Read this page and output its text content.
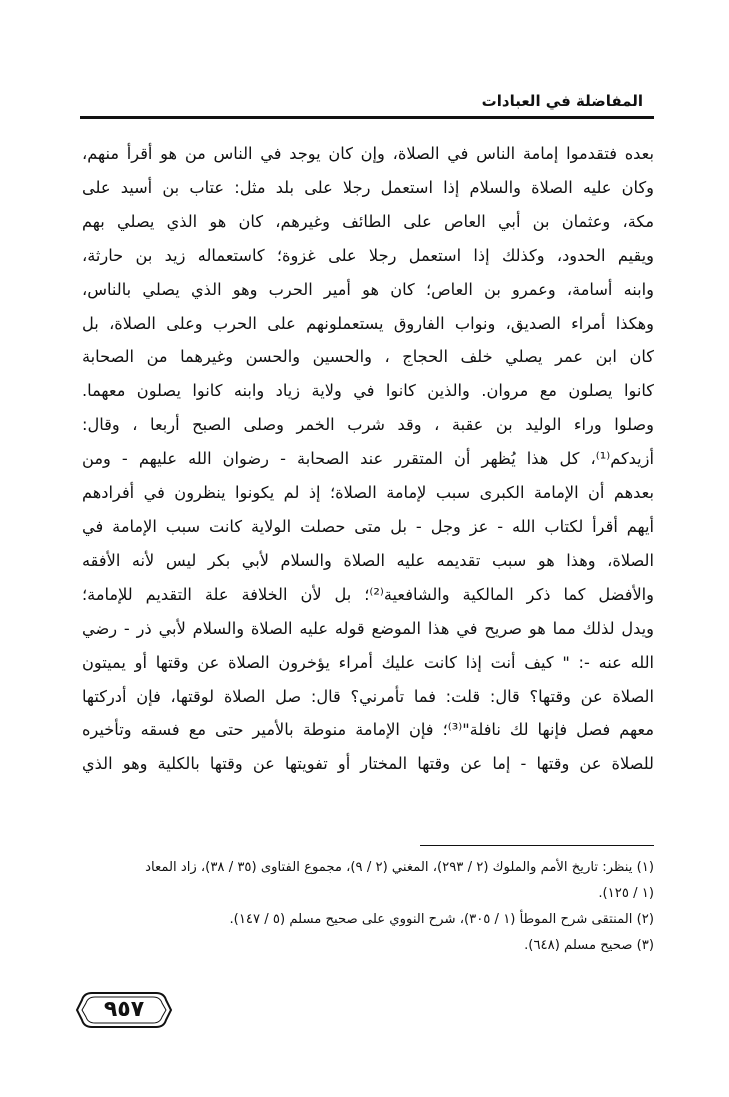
المفاضلة في العبادات

بعده فتقدموا إمامة الناس في الصلاة، وإن كان يوجد في الناس من هو أقرأ منهم،

وكان عليه الصلاة والسلام إذا استعمل رجلا على بلد مثل: عتاب بن أسيد على

مكة، وعثمان بن أبي العاص على الطائف وغيرهم، كان هو الذي يصلي بهم

ويقيم الحدود، وكذلك إذا استعمل رجلا على غزوة؛ كاستعماله زيد بن حارثة،

وابنه أسامة، وعمرو بن العاص؛ كان هو أمير الحرب وهو الذي يصلي بالناس،

وهكذا أمراء الصديق، ونواب الفاروق يستعملونهم على الحرب وعلى الصلاة، بل

كان ابن عمر يصلي خلف الحجاج ، والحسين والحسن وغيرهما من الصحابة

كانوا يصلون مع مروان. والذين كانوا في ولاية زياد وابنه كانوا يصلون معهما.

وصلوا وراء الوليد بن عقبة ، وقد شرب الخمر وصلى الصبح أربعا ، وقال:

أزيدكم⁽¹⁾، كل هذا يُظهر أن المتقرر عند الصحابة - رضوان الله عليهم - ومن

بعدهم أن الإمامة الكبرى سبب لإمامة الصلاة؛ إذ لم يكونوا ينظرون في أفرادهم

أيهم أقرأ لكتاب الله - عز وجل - بل متى حصلت الولاية كانت سبب الإمامة في

الصلاة، وهذا هو سبب تقديمه عليه الصلاة والسلام لأبي بكر ليس لأنه الأفقه

والأفضل كما ذكر المالكية والشافعية⁽²⁾؛ بل لأن الخلافة علة التقديم للإمامة؛

ويدل لذلك مما هو صريح في هذا الموضع قوله عليه الصلاة والسلام لأبي ذر - رضي

الله عنه -: " كيف أنت إذا كانت عليك أمراء يؤخرون الصلاة عن وقتها أو يميتون

الصلاة عن وقتها؟ قال: قلت: فما تأمرني؟ قال: صل الصلاة لوقتها، فإن أدركتها

معهم فصل فإنها لك نافلة"⁽³⁾؛ فإن الإمامة منوطة بالأمير حتى مع فسقه وتأخيره

للصلاة عن وقتها - إما عن وقتها المختار أو تفويتها عن وقتها بالكلية وهو الذي

(١) ينظر: تاريخ الأمم والملوك (٢ / ٢٩٣)، المغني (٢ / ٩)، مجموع الفتاوى (٣٥ / ٣٨)، زاد المعاد

(١ / ١٢٥).

(٢) المنتقى شرح الموطأ (١ / ٣٠٥)، شرح النووي على صحيح مسلم (٥ / ١٤٧).

(٣) صحيح مسلم (٦٤٨).

٩٥٧
